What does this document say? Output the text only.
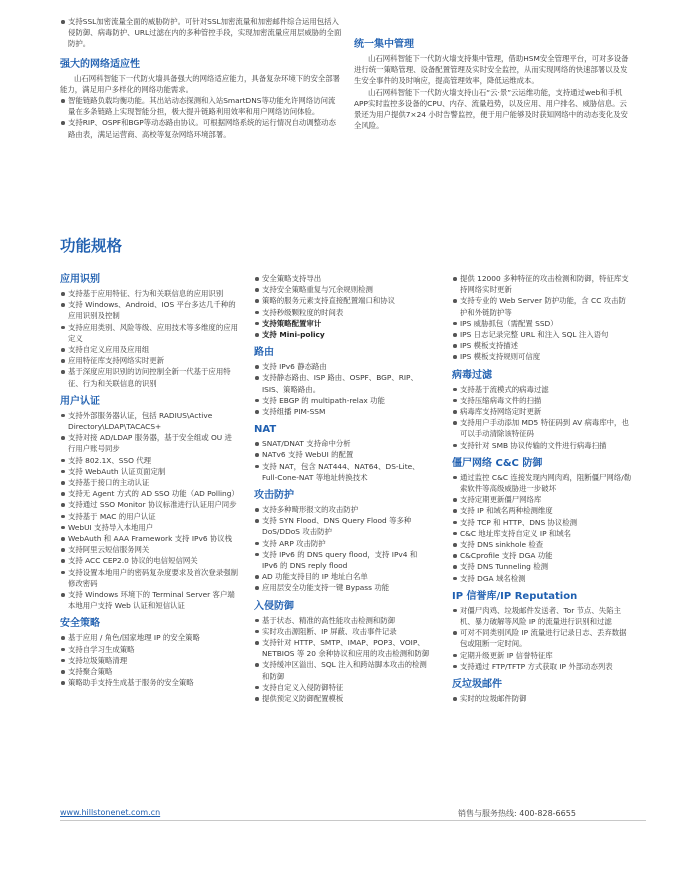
支持SSL加密流量全面的威胁防护。可针对SSL加密流量和加密邮件综合运用包括入侵防御、病毒防护、URL过滤在内的多种管控手段，实现加密流量应用层威胁的全面防护。
强大的网络适应性
山石网科智能下一代防火墙具备强大的网络适应能力，具备复杂环境下的安全部署能力，满足用户多样化的网络功能需求。
智能链路负载均衡功能。其出站动态探测和入站SmartDNS等功能允许网络访问流量在多条链路上实现智能分担，极大提升链路利用效率和用户网络访问体验。
支持RIP、OSPF和BGP等动态路由协议。可根据网络系统的运行情况自动调整动态路由表，满足运营商、高校等复杂网络环境部署。
统一集中管理
山石网科智能下一代防火墙支持集中管理，借助HSM安全管理平台，可对多设备进行统一策略管理、设备配置管理及实时安全监控，从而实现网络的快速部署以及发生安全事件的及时响应，提高管理效率，降低运维成本。
山石网科智能下一代防火墙支持山石“云·景”云运维功能，支持通过web和手机APP实时监控多设备的CPU、内存、流量趋势，以及应用、用户排名、威胁信息。云景还为用户提供7×24 小时告警监控，便于用户能够及时获知网络中的动态变化及安全风险。
功能规格
应用识别
支持基于应用特征、行为和关联信息的应用识别
支持 Windows、Android、IOS 平台多达几千种的应用识别及控制
支持应用类别、风险等级、应用技术等多维度的应用定义
支持自定义应用及应用组
应用特征库支持网络实时更新
基于深度应用识别的访问控制全新一代基于应用特征、行为和关联信息的识别
用户认证
支持外部服务器认证，包括 RADIUS\Active Directory\LDAP\TACACS+
支持对接 AD/LDAP 服务器，基于安全组或 OU 进行用户账号同步
支持 802.1X、SSO 代理
支持 WebAuth 认证页面定制
支持基于接口的主动认证
支持无 Agent 方式的 AD SSO 功能（AD Polling）
支持通过 SSO Monitor 协议标准进行认证用户同步
支持基于 MAC 的用户认证
WebUI 支持导入本地用户
WebAuth 和 AAA Framework 支持 IPv6 协议栈
支持阿里云短信服务网关
支持 ACC CEP2.0 协议的电信短信网关
支持设置本地用户的密码复杂度要求及首次登录强制修改密码
支持 Windows 环境下的 Terminal Server 客户端本地用户支持 Web 认证和短信认证
安全策略
基于应用 / 角色/国家地理 IP 的安全策略
支持自学习生成策略
支持垃圾策略清理
支持聚合策略
策略助手支持生成基于服务的安全策略
安全策略支持导出
支持安全策略重复与冗余规则检测
策略的服务元素支持直接配置端口和协议
支持秒级颗粒度的时间表
支持策略配置审计
支持 Mini-policy
路由
支持 IPv6 静态路由
支持静态路由、ISP 路由、OSPF、BGP、RIP、ISIS、策略路由。
支持 EBGP 的 multipath-relax 功能
支持组播 PIM-SSM
NAT
SNAT/DNAT 支持命中分析
NATv6 支持 WebUI 的配置
支持 NAT，包含 NAT444、NAT64、DS-Lite、Full-Cone-NAT 等地址转换技术
攻击防护
支持多种畸形报文的攻击防护
支持 SYN Flood、DNS Query Flood 等多种 DoS/DDoS 攻击防护
支持 ARP 攻击防护
支持 IPv6 的 DNS query flood，支持 IPv4 和 IPv6 的 DNS reply flood
AD 功能支持目的 IP 地址白名单
应用层安全功能支持一键 Bypass 功能
入侵防御
基于状态、精准的高性能攻击检测和防御
实时攻击源阻断、IP 屏蔽、攻击事件记录
支持针对 HTTP、SMTP、IMAP、POP3、VOIP、NETBIOS 等 20 余种协议和应用的攻击检测和防御
支持缓冲区溢出、SQL 注入和跨站脚本攻击的检测和防御
支持自定义入侵防御特征
提供预定义防御配置模板
提供 12000 多种特征的攻击检测和防御，特征库支持网络实时更新
支持专业的 Web Server 防护功能，含 CC 攻击防护和外链防护等
IPS 威胁抓包（需配置 SSD）
IPS 日志记录完整 URL 和注入 SQL 注入语句
IPS 模板支持描述
IPS 模板支持规则可信度
病毒过滤
支持基于流模式的病毒过滤
支持压缩病毒文件的扫描
病毒库支持网络定时更新
支持用户手动添加 MD5 特征码到 AV 病毒库中，也可以手动清除该特征码
支持针对 SMB 协议传输的文件进行病毒扫描
僵尸网络 C&C 防御
通过监控 C&C 连接发现内网肉鸡，阻断僵尸网络/勒索软件等高级威胁进一步破坏
支持定期更新僵尸网络库
支持 IP 和域名两种检测维度
支持 TCP 和 HTTP、DNS 协议检测
C&C 地址库支持自定义 IP 和域名
支持 DNS sinkhole 检查
C&Cprofile 支持 DGA 功能
支持 DNS Tunneling 检测
支持 DGA 域名检测
IP 信誉库/IP Reputation
对僵尸肉鸡、垃圾邮件发送者、Tor 节点、失陷主机、暴力破解等风险 IP 的流量进行识别和过滤
可对不同类别风险 IP 流量进行记录日志、丢弃数据包或阻断一定时间。
定期升级更新 IP 信誉特征库
支持通过 FTP/TFTP 方式获取 IP 外部动态列表
反垃圾邮件
实时的垃圾邮件防御
www.hillstonenet.com.cn	销售与服务热线: 400-828-6655
